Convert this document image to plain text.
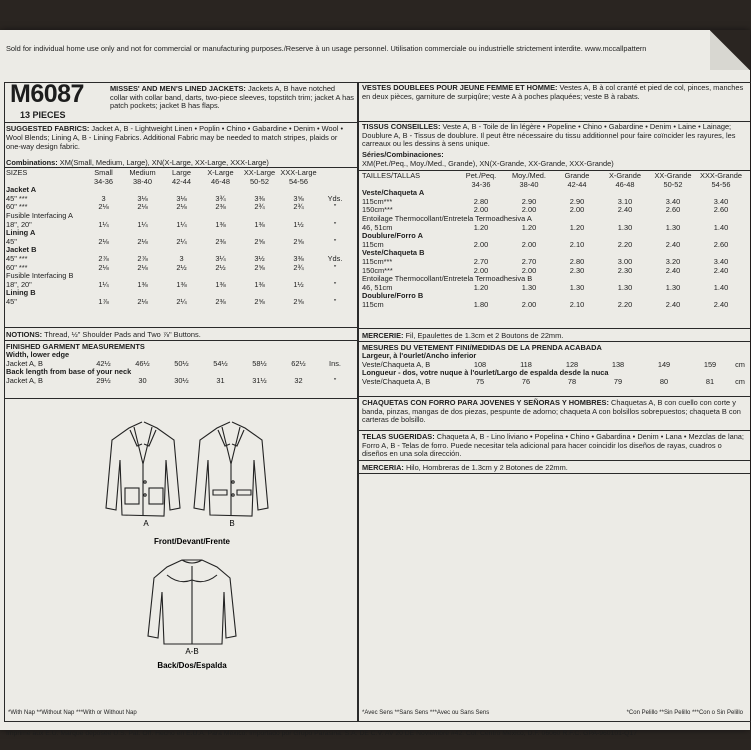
Sold for individual home use only and not for commercial or manufacturing purposes./Reserve à un usage personnel. Utilisation commerciale ou industrielle strictement interdite. www.mccallpattern
M6087
13 PIECES
MISSES' AND MEN'S LINED JACKETS: Jackets A, B have notched collar with collar band, darts, two-piece sleeves, topstitch trim; jacket A has patch pockets; jacket B has flaps.
SUGGESTED FABRICS: Jacket A, B - Lightweight Linen • Poplin • Chino • Gabardine • Denim • Wool • Wool Blends; Lining A, B - Lining Fabrics. Additional Fabric may be needed to match stripes, plaids or one-way design fabric.
Combinations: XM(Small, Medium, Large), XN(X-Large, XX-Large, XXX-Large)
SIZES	Small	Medium	Large	X-Large	XX-Large	XXX-Large	
	34-36	38-40	42-44	46-48	50-52	54-56	
Jacket A							
45" ***	3	3⅛	3⅛	3¾	3⅜	3⅝	Yds.
60" ***	2⅛	2⅛	2⅛	2⅜	2¾	2¾	"
Fusible Interfacing A							
18", 20"	1¼	1¼	1¼	1⅜	1⅜	1½	"
Lining A							
45"	2⅛	2⅛	2¼	2⅜	2⅝	2⅝	"
Jacket B							
45" ***	2⅞	2⅞	3	3¼	3½	3⅜	Yds.
60" ***	2⅛	2⅛	2½	2½	2⅝	2¾	"
Fusible Interfacing B							
18", 20"	1¼	1⅜	1⅜	1⅜	1⅜	1½	"
Lining B							
45"	1⅞	2⅛	2¼	2⅜	2⅝	2⅝	"
NOTIONS: Thread, ½" Shoulder Pads and Two ⅞" Buttons.
FINISHED GARMENT MEASUREMENTS
Width, lower edge							
Jacket A, B	42½	46½	50½	54½	58½	62½	Ins.
Back length from base of your neck							
Jacket A, B	29½	30	30½	31	31½	32	"
A	B
Front/Devant/Frente
A-B
Back/Dos/Espalda
*With Nap **Without Nap ***With or Without Nap
VESTES DOUBLEES POUR JEUNE FEMME ET HOMME: Vestes A, B à col cranté et pied de col, pinces, manches en deux pièces, garniture de surpiqûre; veste A à poches plaquées; veste B à rabats.
TISSUS CONSEILLES: Veste A, B - Toile de lin légère • Popeline • Chino • Gabardine • Denim • Laine • Lainage; Doublure A, B - Tissus de doublure. Il peut être nécessaire du tissu additionnel pour faire coïncider les rayures, les carreaux ou les dessins à sens unique.
Séries/Combinaciones:
XM(Pet./Peq., Moy./Med., Grande), XN(X-Grande, XX-Grande, XXX-Grande)
TAILLES/TALLAS	Pet./Peq.	Moy./Med.	Grande	X-Grande	XX-Grande	XXX-Grande	
	34-36	38-40	42-44	46-48	50-52	54-56	
Veste/Chaqueta A							
115cm***	2.80	2.90	2.90	3.10	3.40	3.40	
150cm***	2.00	2.00	2.00	2.40	2.60	2.60	
Entoilage Thermocollant/Entretela Termoadhesiva A							
46, 51cm	1.20	1.20	1.20	1.30	1.30	1.40	
Doublure/Forro A							
115cm	2.00	2.00	2.10	2.20	2.40	2.60	
Veste/Chaqueta B							
115cm***	2.70	2.70	2.80	3.00	3.20	3.40	
150cm***	2.00	2.00	2.30	2.30	2.40	2.40	
Entoilage Thermocollant/Entretela Termoadhesiva B							
46, 51cm	1.20	1.30	1.30	1.30	1.30	1.40	
Doublure/Forro B							
115cm	1.80	2.00	2.10	2.20	2.40	2.40	
MERCERIE: Fil, Epaulettes de 1.3cm et 2 Boutons de 22mm.
MESURES DU VETEMENT FINI/MEDIDAS DE LA PRENDA ACABADA
Largeur, à l'ourlet/Ancho inferior							
Veste/Chaqueta A, B	108	118	128	138	149	159	cm
Longueur - dos, votre nuque à l'ourlet/Largo de espalda desde la nuca							
Veste/Chaqueta A, B	75	76	78	79	80	81	cm
CHAQUETAS CON FORRO PARA JOVENES Y SEÑORAS Y HOMBRES: Chaquetas A, B con cuello con corte y banda, pinzas, mangas de dos piezas, pespunte de adorno; chaqueta A con bolsillos sobrepuestos; chaqueta B con carteras de bolsillo.
TELAS SUGERIDAS: Chaqueta A, B - Lino liviano • Popelina • Chino • Gabardina • Denim • Lana • Mezclas de lana; Forro A, B - Telas de forro. Puede necesitar tela adicional para hacer coincidir los diseños de rayas, cuadros o diseños en una sola dirección.
MERCERIA: Hilo, Hombreras de 1.3cm y 2 Botones de 22mm.
*Avec Sens **Sans Sens ***Avec ou Sans Sens	*Con Pelillo **Sin Pelillo ***Con o Sin Pelillo
Imprimé aux E.U. Marque déposée U.S. Pat. Off. Hecho en E.U.A. Para México: Importado por Grupo Parasina. S.A. DE C.V. AV 20 DE Noviembre #42. Col. Centro Mexico, D.F. 06060 R.F.C. GPA-960101-Q17
